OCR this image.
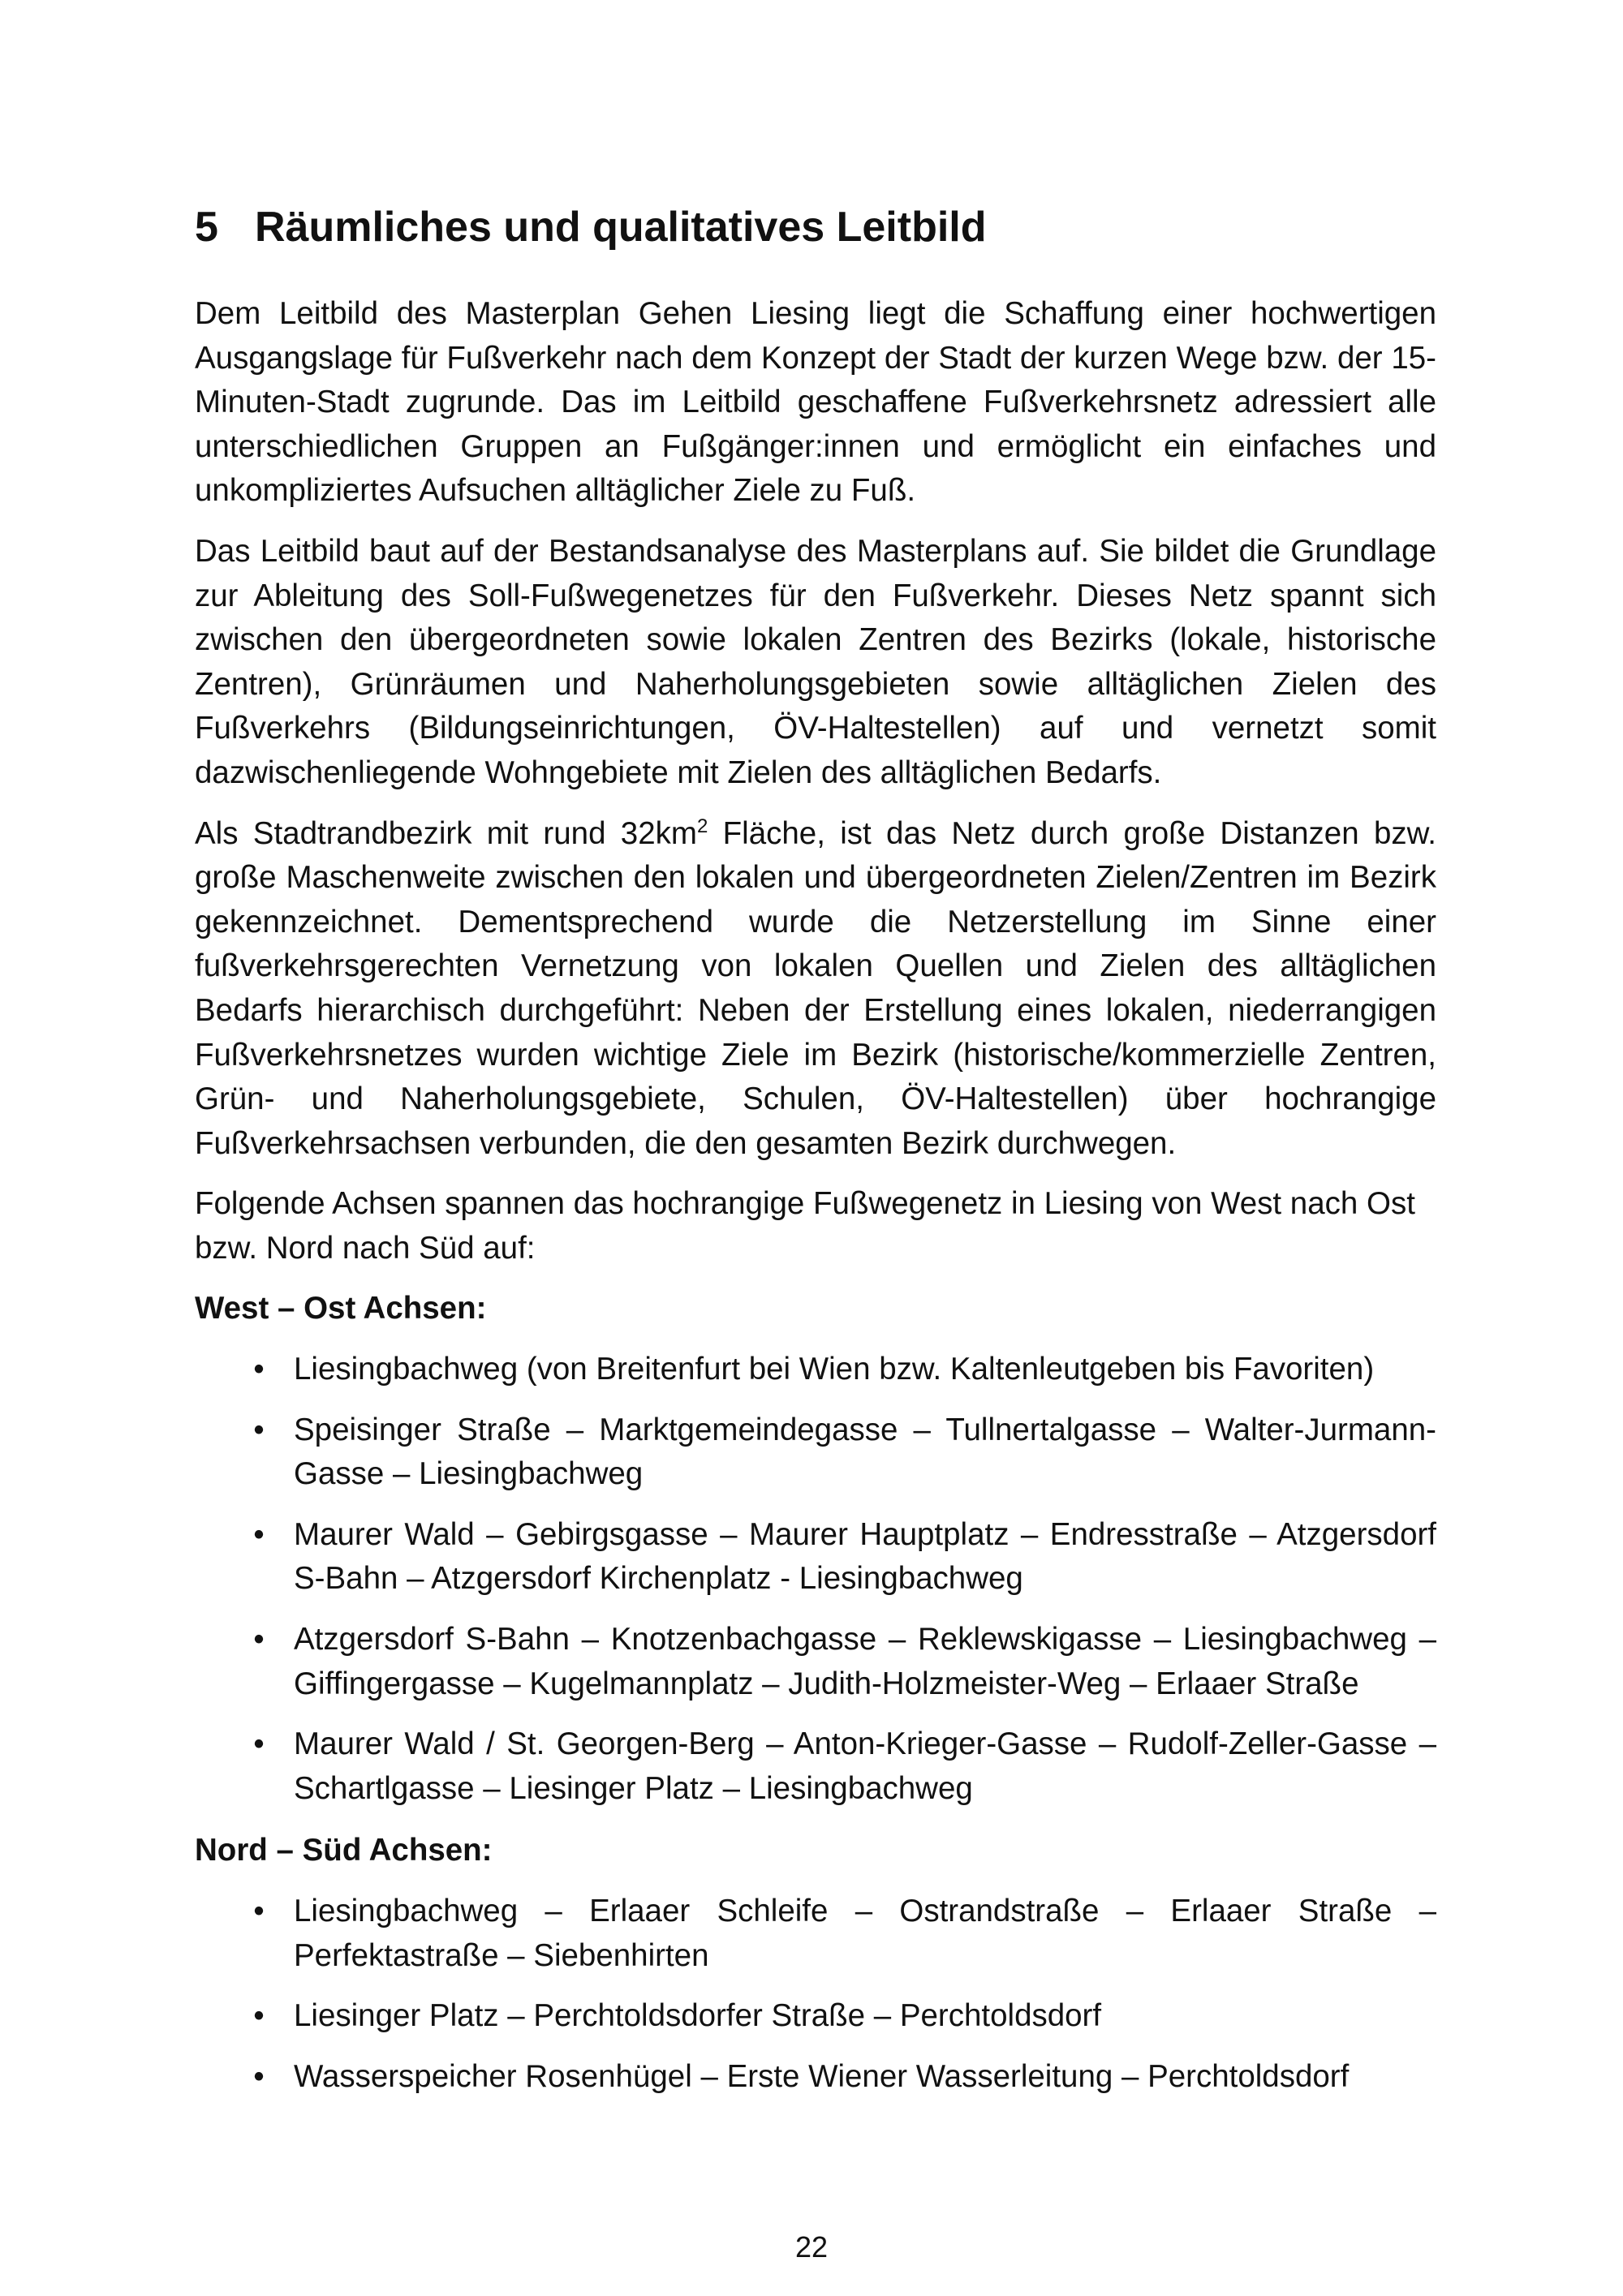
5 Räumliches und qualitatives Leitbild

Dem Leitbild des Masterplan Gehen Liesing liegt die Schaffung einer hochwertigen Ausgangslage für Fußverkehr nach dem Konzept der Stadt der kurzen Wege bzw. der 15-Minuten-Stadt zugrunde. Das im Leitbild geschaffene Fußverkehrsnetz adressiert alle unterschiedlichen Gruppen an Fußgänger:innen und ermöglicht ein einfaches und unkompliziertes Aufsuchen alltäglicher Ziele zu Fuß.

Das Leitbild baut auf der Bestandsanalyse des Masterplans auf. Sie bildet die Grundlage zur Ableitung des Soll-Fußwegenetzes für den Fußverkehr. Dieses Netz spannt sich zwischen den übergeordneten sowie lokalen Zentren des Bezirks (lokale, historische Zentren), Grünräumen und Naherholungsgebieten sowie alltäglichen Zielen des Fußverkehrs (Bildungseinrichtungen, ÖV-Haltestellen) auf und vernetzt somit dazwischenliegende Wohngebiete mit Zielen des alltäglichen Bedarfs.

Als Stadtrandbezirk mit rund $32km^2$ Fläche, ist das Netz durch große Distanzen bzw. große Maschenweite zwischen den lokalen und übergeordneten Zielen/Zentren im Bezirk gekennzeichnet. Dementsprechend wurde die Netzerstellung im Sinne einer fußverkehrsgerechten Vernetzung von lokalen Quellen und Zielen des alltäglichen Bedarfs hierarchisch durchgeführt: Neben der Erstellung eines lokalen, niederrangigen Fußverkehrsnetzes wurden wichtige Ziele im Bezirk (historische/kommerzielle Zentren, Grün- und Naherholungsgebiete, Schulen, ÖV-Haltestellen) über hochrangige Fußverkehrsachsen verbunden, die den gesamten Bezirk durchwegen.

Folgende Achsen spannen das hochrangige Fußwegenetz in Liesing von West nach Ost bzw. Nord nach Süd auf:

West – Ost Achsen:
• Liesingbachweg (von Breitenfurt bei Wien bzw. Kaltenleutgeben bis Favoriten)
• Speisinger Straße – Marktgemeindegasse – Tullnertalgasse – Walter-Jurmann-Gasse – Liesingbachweg
• Maurer Wald – Gebirgsgasse – Maurer Hauptplatz – Endresstraße – Atzgersdorf S-Bahn – Atzgersdorf Kirchenplatz - Liesingbachweg
• Atzgersdorf S-Bahn – Knotzenbachgasse – Reklewskigasse – Liesingbachweg – Giffingergasse – Kugelmannplatz – Judith-Holzmeister-Weg – Erlaaer Straße
• Maurer Wald / St. Georgen-Berg – Anton-Krieger-Gasse – Rudolf-Zeller-Gasse – Schartlgasse – Liesinger Platz – Liesingbachweg
Nord – Süd Achsen:
• Liesingbachweg – Erlaaer Schleife – Ostrandstraße – Erlaaer Straße – Perfektastraße – Siebenhirten
• Liesinger Platz – Perchtoldsdorfer Straße – Perchtoldsdorf
• Wasserspeicher Rosenhügel – Erste Wiener Wasserleitung – Perchtoldsdorf
22
